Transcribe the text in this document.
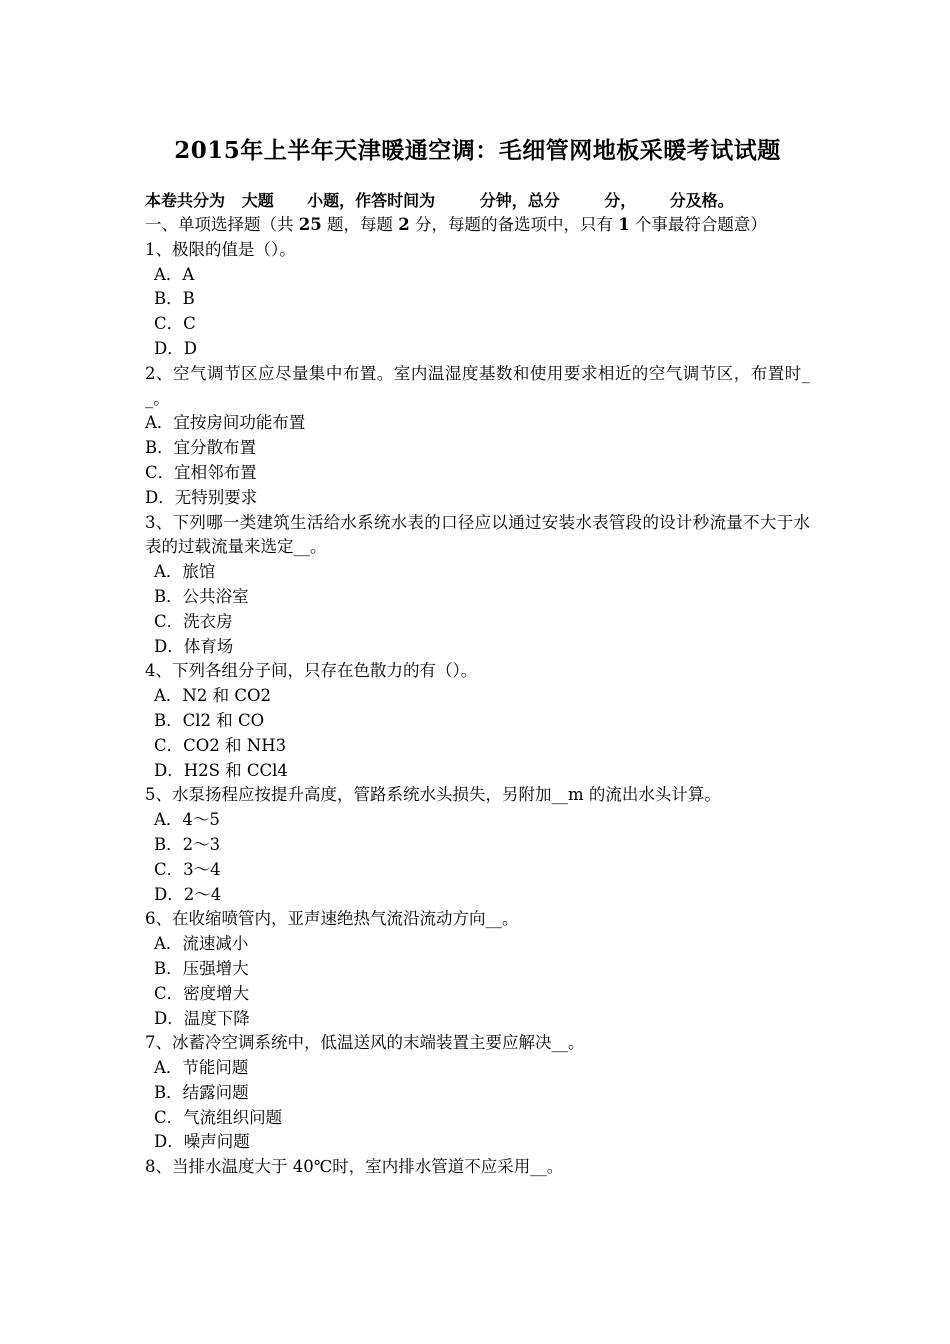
2015年上半年天津暖通空调：毛细管网地板采暖考试试题
本卷共分为   大题      小题，作答时间为        分钟，总分        分，      分及格。
一、单项选择题（共 25 题，每题 2 分，每题的备选项中，只有 1 个事最符合题意）
1、极限的值是（）。
A．A
B．B
C．C
D．D
2、空气调节区应尽量集中布置。室内温湿度基数和使用要求相近的空气调节区，布置时__。
A．宜按房间功能布置
B．宜分散布置
C．宜相邻布置
D．无特别要求
3、下列哪一类建筑生活给水系统水表的口径应以通过安装水表管段的设计秒流量不大于水表的过载流量来选定__。
A．旅馆
B．公共浴室
C．洗衣房
D．体育场
4、下列各组分子间，只存在色散力的有（）。
A．N2 和 CO2
B．Cl2 和 CO
C．CO2 和 NH3
D．H2S 和 CCl4
5、水泵扬程应按提升高度，管路系统水头损失，另附加__m 的流出水头计算。
A．4～5
B．2～3
C．3～4
D．2～4
6、在收缩喷管内，亚声速绝热气流沿流动方向__。
A．流速减小
B．压强增大
C．密度增大
D．温度下降
7、冰蓄冷空调系统中，低温送风的末端装置主要应解决__。
A．节能问题
B．结露问题
C．气流组织问题
D．噪声问题
8、当排水温度大于 40℃时，室内排水管道不应采用__。
